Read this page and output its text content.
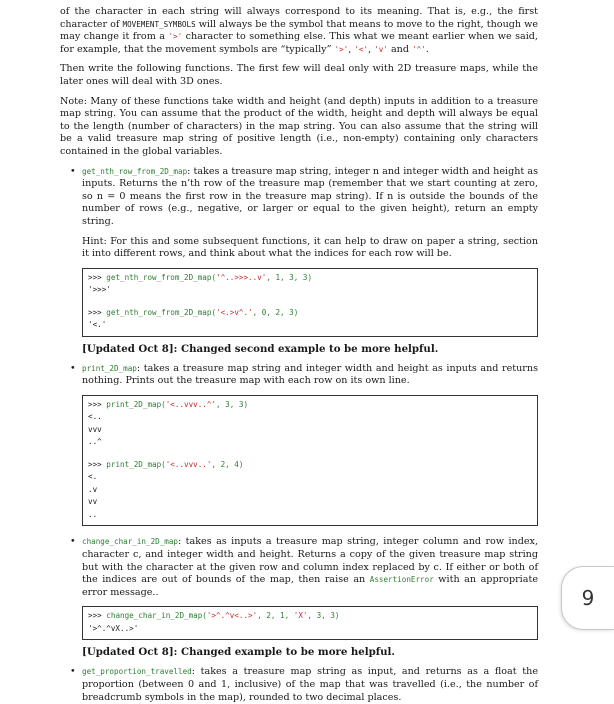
of the character in each string will always correspond to its meaning. That is, e.g., the first character of MOVEMENT_SYMBOLS will always be the symbol that means to move to the right, though we may change it from a '>' character to something else. This what we meant earlier when we said, for example, that the movement symbols are “typically” '>', '<', 'v' and '^'.

Then write the following functions. The first few will deal only with 2D treasure maps, while the later ones will deal with 3D ones.

Note: Many of these functions take width and height (and depth) inputs in addition to a treasure map string. You can assume that the product of the width, height and depth will always be equal to the length (number of characters) in the map string. You can also assume that the string will be a valid treasure map string of positive length (i.e., non-empty) containing only characters contained in the global variables.

• get_nth_row_from_2D_map: takes a treasure map string, integer n and integer width and height as inputs. Returns the n’th row of the treasure map (remember that we start counting at zero, so n = 0 means the first row in the treasure map string). If n is outside the bounds of the number of rows (e.g., negative, or larger or equal to the given height), return an empty string.

Hint: For this and some subsequent functions, it can help to draw on paper a string, section it into different rows, and think about what the indices for each row will be.

>>> get_nth_row_from_2D_map('^..>>>..v', 1, 3, 3)
'>>>'

>>> get_nth_row_from_2D_map('<.>v^.', 0, 2, 3)
'<.'
[Updated Oct 8]: Changed second example to be more helpful.
• print_2D_map: takes a treasure map string and integer width and height as inputs and returns nothing. Prints out the treasure map with each row on its own line.
>>> print_2D_map('<..vvv..^', 3, 3)
<..
vvv
..^

>>> print_2D_map('<..vvv..', 2, 4)
<.
.v
vv
..
• change_char_in_2D_map: takes as inputs a treasure map string, integer column and row index, character c, and integer width and height. Returns a copy of the given treasure map string but with the character at the given row and column index replaced by c. If either or both of the indices are out of bounds of the map, then raise an AssertionError with an appropriate error message..
>>> change_char_in_2D_map('>^.^v<..>', 2, 1, 'X', 3, 3)
'>^.^vX..>'
[Updated Oct 8]: Changed example to be more helpful.
• get_proportion_travelled: takes a treasure map string as input, and returns as a float the proportion (between 0 and 1, inclusive) of the map that was travelled (i.e., the number of breadcrumb symbols in the map), rounded to two decimal places.
9
